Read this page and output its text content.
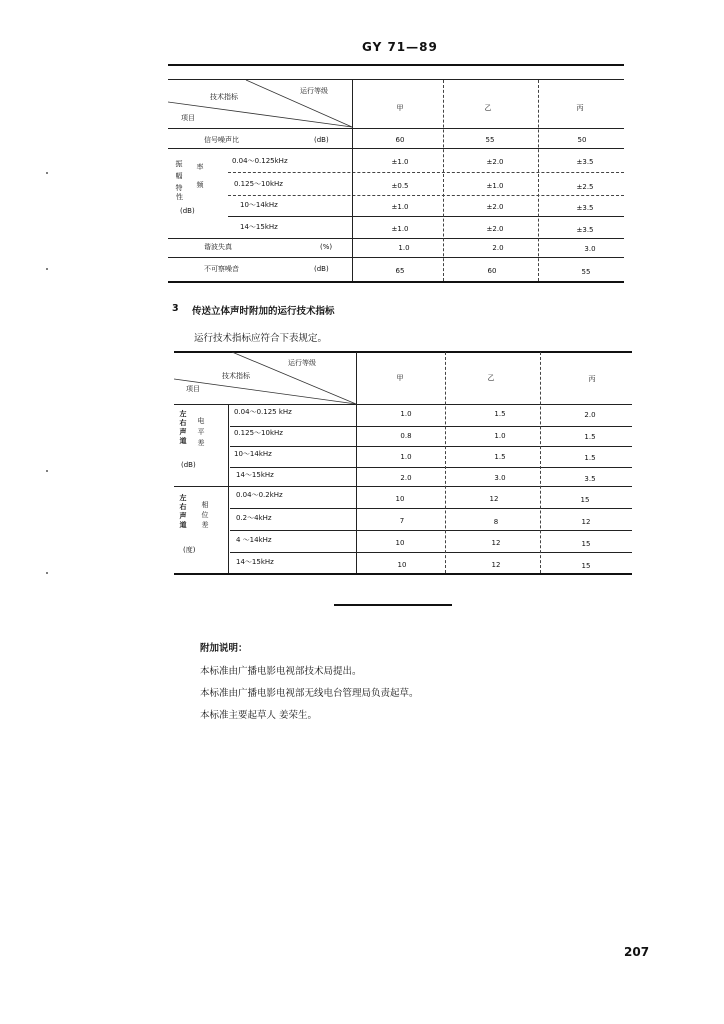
GY 71—89
运行等级
技术指标
项目
甲	乙	丙
信号噪声比	(dB)	60	55	50
振
幅
特
率
频
性
(dB)
0.04～0.125kHz	±1.0	±2.0	±3.5
0.125～10kHz	±0.5	±1.0	±2.5
10～14kHz	±1.0	±2.0	±3.5
14～15kHz	±1.0	±2.0	±3.5
谐波失真	(%)	1.0	2.0	3.0
不可察噪音	(dB)	65	60	55
3 传送立体声时附加的运行技术指标
运行技术指标应符合下表规定。
运行等级
技术指标
项目
甲	乙	丙
左
右
声
道
电
平
差
(dB)
0.04～0.125 kHz	1.0	1.5	2.0
0.125～10kHz	0.8	1.0	1.5
10～14kHz	1.0	1.5	1.5
14～15kHz	2.0	3.0	3.5
左
右
声
道
相
位
差
(度)
0.04～0.2kHz	10	12	15
0.2～4kHz	7	8	12
4 ～14kHz	10	12	15
14～15kHz	10	12	15
附加说明：
本标准由广播电影电视部技术局提出。
本标准由广播电影电视部无线电台管理局负责起草。
本标准主要起草人 姜荣生。
207
